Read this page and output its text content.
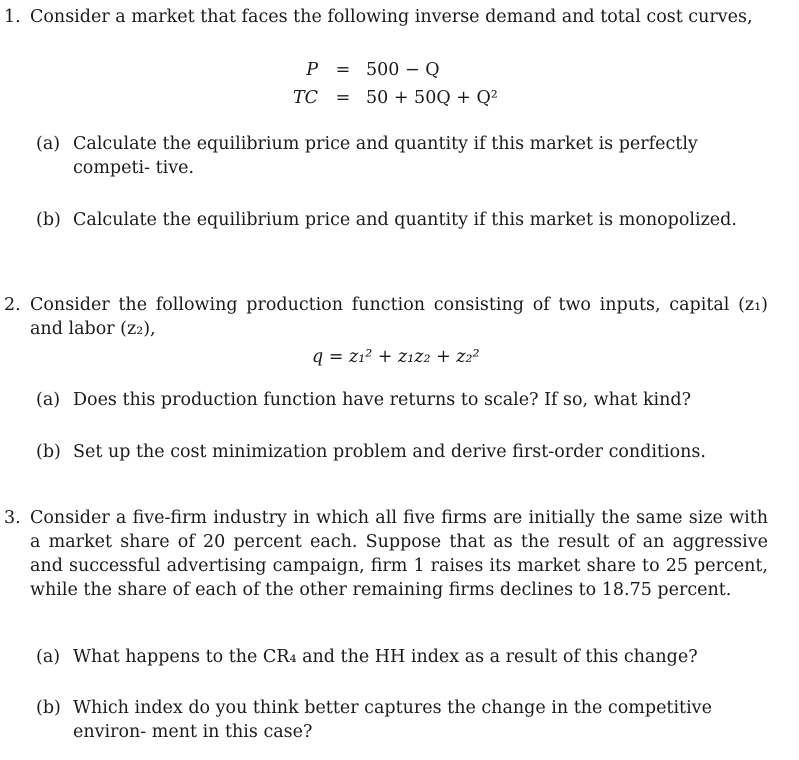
1. Consider a market that faces the following inverse demand and total cost curves,
P	= 500 − Q
TC	= 50 + 50Q + Q²
(a) Calculate the equilibrium price and quantity if this market is perfectly competi- tive.
(b) Calculate the equilibrium price and quantity if this market is monopolized.
2. Consider the following production function consisting of two inputs, capital (z₁) and labor (z₂),
q = z₁² + z₁z₂ + z₂²
(a) Does this production function have returns to scale? If so, what kind?
(b) Set up the cost minimization problem and derive first-order conditions.
3. Consider a five-firm industry in which all five firms are initially the same size with a market share of 20 percent each. Suppose that as the result of an aggressive and successful advertising campaign, firm 1 raises its market share to 25 percent, while the share of each of the other remaining firms declines to 18.75 percent.
(a) What happens to the CR₄ and the HH index as a result of this change?
(b) Which index do you think better captures the change in the competitive environ- ment in this case?
